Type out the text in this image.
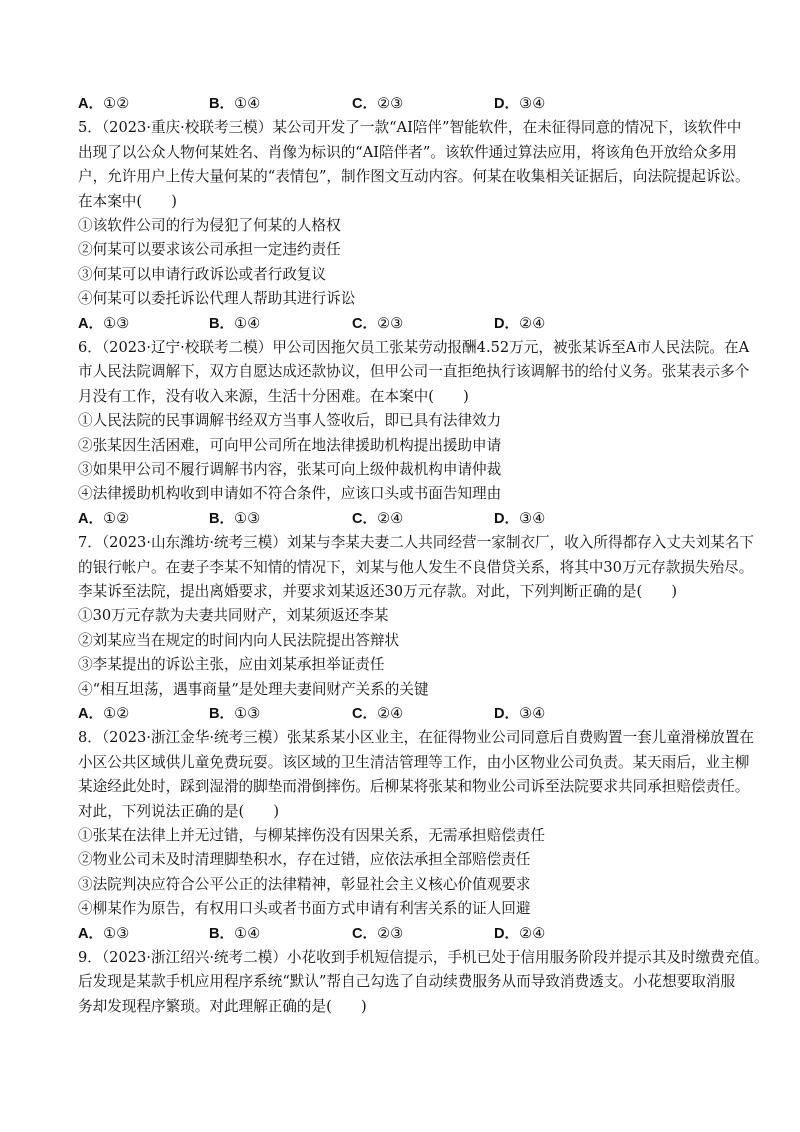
A．①②	B．①④	C．②③	D．③④
5．（2023·重庆·校联考三模）某公司开发了一款“AI陪伴”智能软件，在未征得同意的情况下，该软件中
出现了以公众人物何某姓名、肖像为标识的“AI陪伴者”。该软件通过算法应用，将该角色开放给众多用
户，允许用户上传大量何某的“表情包”，制作图文互动内容。何某在收集相关证据后，向法院提起诉讼。
在本案中(　　)
①该软件公司的行为侵犯了何某的人格权
②何某可以要求该公司承担一定违约责任
③何某可以申请行政诉讼或者行政复议
④何某可以委托诉讼代理人帮助其进行诉讼
A．①③	B．①④	C．②③	D．②④
6．（2023·辽宁·校联考二模）甲公司因拖欠员工张某劳动报酬4.52万元，被张某诉至A市人民法院。在A
市人民法院调解下，双方自愿达成还款协议，但甲公司一直拒绝执行该调解书的给付义务。张某表示多个
月没有工作，没有收入来源，生活十分困难。在本案中(　　)
①人民法院的民事调解书经双方当事人签收后，即已具有法律效力
②张某因生活困难，可向甲公司所在地法律援助机构提出援助申请
③如果甲公司不履行调解书内容，张某可向上级仲裁机构申请仲裁
④法律援助机构收到申请如不符合条件，应该口头或书面告知理由
A．①②	B．①③	C．②④	D．③④
7．（2023·山东潍坊·统考三模）刘某与李某夫妻二人共同经营一家制衣厂，收入所得都存入丈夫刘某名下
的银行帐户。在妻子李某不知情的情况下，刘某与他人发生不良借贷关系，将其中30万元存款损失殆尽。
李某诉至法院，提出离婚要求，并要求刘某返还30万元存款。对此，下列判断正确的是(　　)
①30万元存款为夫妻共同财产，刘某须返还李某
②刘某应当在规定的时间内向人民法院提出答辩状
③李某提出的诉讼主张，应由刘某承担举证责任
④“相互坦荡，遇事商量”是处理夫妻间财产关系的关键
A．①②	B．①③	C．②④	D．③④
8．（2023·浙江金华·统考三模）张某系某小区业主，在征得物业公司同意后自费购置一套儿童滑梯放置在
小区公共区域供儿童免费玩耍。该区域的卫生清洁管理等工作，由小区物业公司负责。某天雨后，业主柳
某途经此处时，踩到湿滑的脚垫而滑倒摔伤。后柳某将张某和物业公司诉至法院要求共同承担赔偿责任。
对此，下列说法正确的是(　　)
①张某在法律上并无过错，与柳某摔伤没有因果关系，无需承担赔偿责任
②物业公司未及时清理脚垫积水，存在过错，应依法承担全部赔偿责任
③法院判决应符合公平公正的法律精神，彰显社会主义核心价值观要求
④柳某作为原告，有权用口头或者书面方式申请有利害关系的证人回避
A．①③	B．①④	C．②③	D．②④
9．（2023·浙江绍兴·统考二模）小花收到手机短信提示，手机已处于信用服务阶段并提示其及时缴费充值。
后发现是某款手机应用程序系统“默认”帮自己勾选了自动续费服务从而导致消费透支。小花想要取消服
务却发现程序繁琐。对此理解正确的是(　　)
